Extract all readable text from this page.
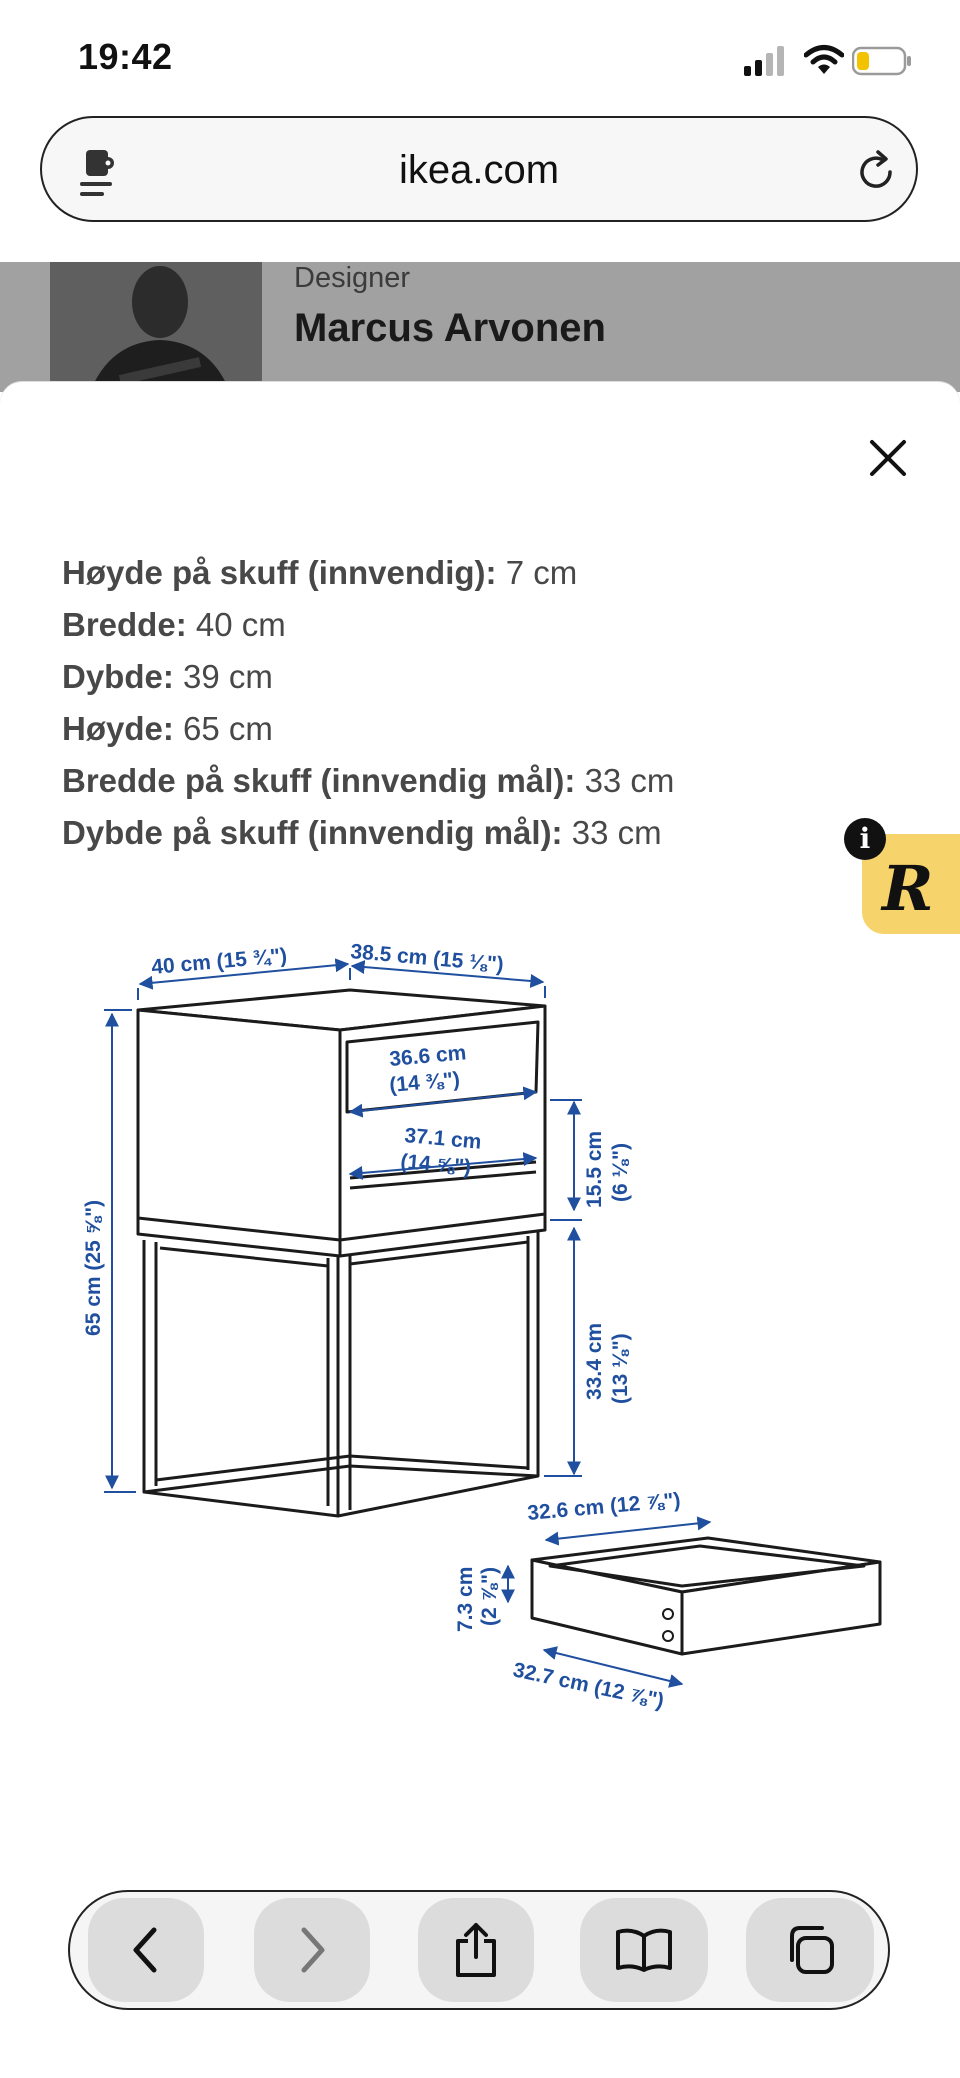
19:42
ikea.com
Designer
Marcus Arvonen
Høyde på skuff (innvendig): 7 cm
Bredde: 40 cm
Dybde: 39 cm
Høyde: 65 cm
Bredde på skuff (innvendig mål): 33 cm
Dybde på skuff (innvendig mål): 33 cm
R
i
40 cm (15 ¾")	38.5 cm (15 ⅛")
36.6 cm
(14 ⅜")
37.1 cm
(14 ⅝")
65 cm (25 ⅝")
15.5 cm (6 ⅛")
33.4 cm (13 ⅛")
32.6 cm (12 ⅞")
7.3 cm (2 ⅞")
32.7 cm (12 ⅞")
